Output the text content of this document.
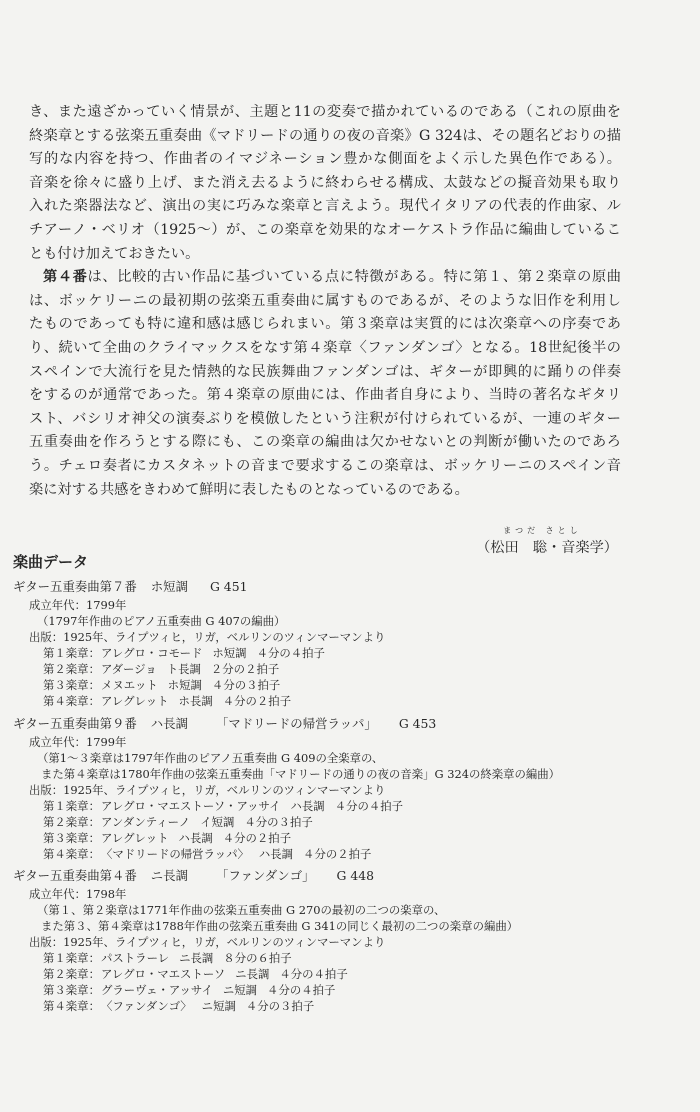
き、また遠ざかっていく情景が、主題と11の変奏で描かれているのである（これの原曲を
終楽章とする弦楽五重奏曲《マドリードの通りの夜の音楽》G 324は、その題名どおりの描
写的な内容を持つ、作曲者のイマジネーション豊かな側面をよく示した異色作である）。
音楽を徐々に盛り上げ、また消え去るように終わらせる構成、太鼓などの擬音効果も取り
入れた楽器法など、演出の実に巧みな楽章と言えよう。現代イタリアの代表的作曲家、ル
チアーノ・ベリオ（1925〜）が、この楽章を効果的なオーケストラ作品に編曲しているこ
とも付け加えておきたい。
第４番は、比較的古い作品に基づいている点に特徴がある。特に第１、第２楽章の原曲
は、ボッケリーニの最初期の弦楽五重奏曲に属すものであるが、そのような旧作を利用し
たものであっても特に違和感は感じられまい。第３楽章は実質的には次楽章への序奏であ
り、続いて全曲のクライマックスをなす第４楽章〈ファンダンゴ〉となる。18世紀後半の
スペインで大流行を見た情熱的な民族舞曲ファンダンゴは、ギターが即興的に踊りの伴奏
をするのが通常であった。第４楽章の原曲には、作曲者自身により、当時の著名なギタリ
スト、バシリオ神父の演奏ぶりを模倣したという注釈が付けられているが、一連のギター
五重奏曲を作ろうとする際にも、この楽章の編曲は欠かせないとの判断が働いたのであろ
う。チェロ奏者にカスタネットの音まで要求するこの楽章は、ボッケリーニのスペイン音
楽に対する共感をきわめて鮮明に表したものとなっているのである。
まつだ さとし
（松田　聡・音楽学）
楽曲データ
ギター五重奏曲第７番 ホ短調 G 451
成立年代：1799年
（1797年作曲のピアノ五重奏曲 G 407の編曲）
出版：1925年、ライプツィヒ，リガ，ベルリンのツィンマーマンより
第１楽章：アレグロ・コモード ホ短調 ４分の４拍子
第２楽章：アダージョ ト長調 ２分の２拍子
第３楽章：メヌエット ホ短調 ４分の３拍子
第４楽章：アレグレット ホ長調 ４分の２拍子
ギター五重奏曲第９番 ハ長調 「マドリードの帰営ラッパ」 G 453
成立年代：1799年
（第1〜３楽章は1797年作曲のピアノ五重奏曲 G 409の全楽章の、
また第４楽章は1780年作曲の弦楽五重奏曲「マドリードの通りの夜の音楽」G 324の終楽章の編曲）
出版：1925年、ライプツィヒ，リガ，ベルリンのツィンマーマンより
第１楽章：アレグロ・マエストーソ・アッサイ ハ長調 ４分の４拍子
第２楽章：アンダンティーノ イ短調 ４分の３拍子
第３楽章：アレグレット ハ長調 ４分の２拍子
第４楽章：〈マドリードの帰営ラッパ〉 ハ長調 ４分の２拍子
ギター五重奏曲第４番 ニ長調 「ファンダンゴ」 G 448
成立年代：1798年
（第１、第２楽章は1771年作曲の弦楽五重奏曲 G 270の最初の二つの楽章の、
また第３、第４楽章は1788年作曲の弦楽五重奏曲 G 341の同じく最初の二つの楽章の編曲）
出版：1925年、ライプツィヒ，リガ，ベルリンのツィンマーマンより
第１楽章：パストラーレ ニ長調 ８分の６拍子
第２楽章：アレグロ・マエストーソ ニ長調 ４分の４拍子
第３楽章：グラーヴェ・アッサイ ニ短調 ４分の４拍子
第４楽章：〈ファンダンゴ〉 ニ短調 ４分の３拍子
